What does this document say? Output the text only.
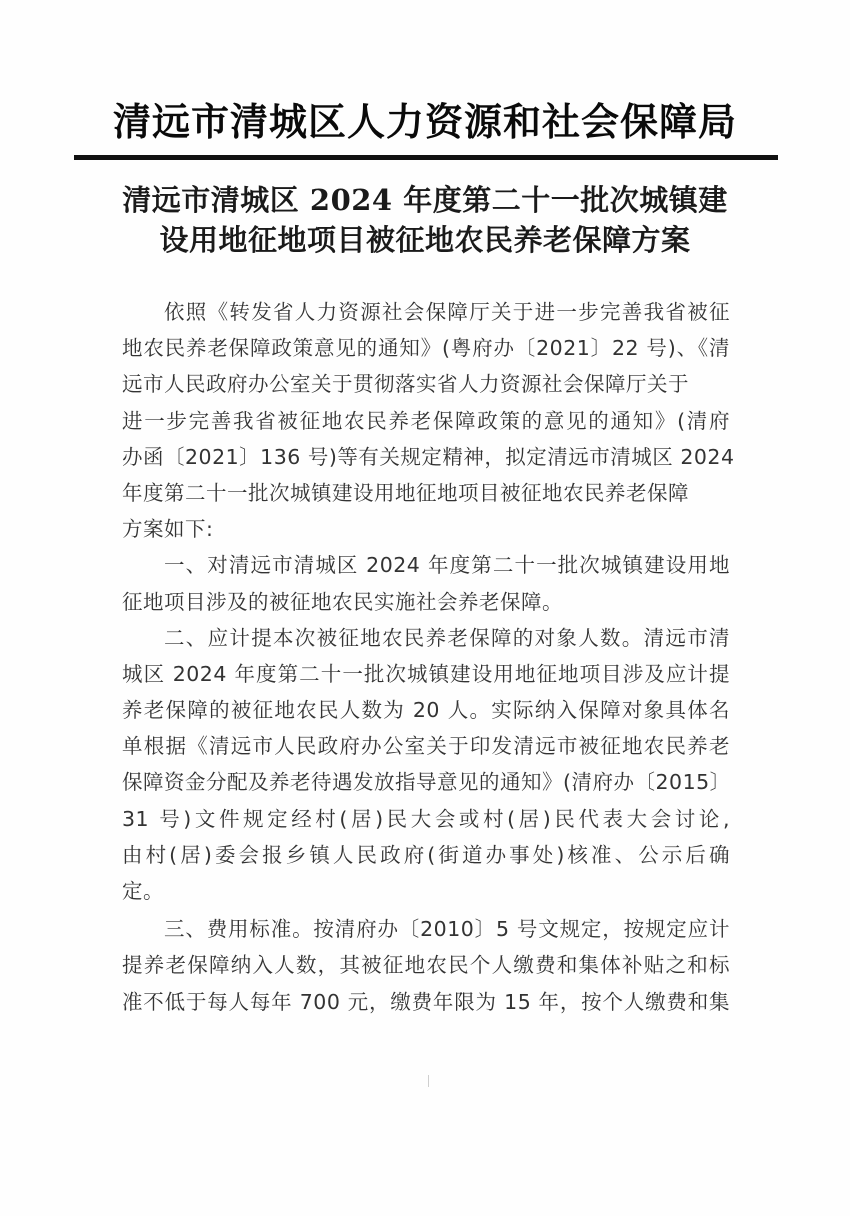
清远市清城区人力资源和社会保障局
清远市清城区 2024 年度第二十一批次城镇建
设用地征地项目被征地农民养老保障方案
依照《转发省人力资源社会保障厅关于进一步完善我省被征
地农民养老保障政策意见的通知》(粤府办〔2021〕22 号)、《清
远市人民政府办公室关于贯彻落实省人力资源社会保障厅关于
进一步完善我省被征地农民养老保障政策的意见的通知》(清府
办函〔2021〕136 号)等有关规定精神，拟定清远市清城区 2024
年度第二十一批次城镇建设用地征地项目被征地农民养老保障
方案如下:
一、对清远市清城区 2024 年度第二十一批次城镇建设用地
征地项目涉及的被征地农民实施社会养老保障。
二、应计提本次被征地农民养老保障的对象人数。清远市清
城区 2024 年度第二十一批次城镇建设用地征地项目涉及应计提
养老保障的被征地农民人数为 20 人。实际纳入保障对象具体名
单根据《清远市人民政府办公室关于印发清远市被征地农民养老
保障资金分配及养老待遇发放指导意见的通知》(清府办〔2015〕
31 号)文件规定经村(居)民大会或村(居)民代表大会讨论,
由村(居)委会报乡镇人民政府(街道办事处)核准、公示后确
定。
三、费用标准。按清府办〔2010〕5 号文规定，按规定应计
提养老保障纳入人数，其被征地农民个人缴费和集体补贴之和标
准不低于每人每年 700 元，缴费年限为 15 年，按个人缴费和集
